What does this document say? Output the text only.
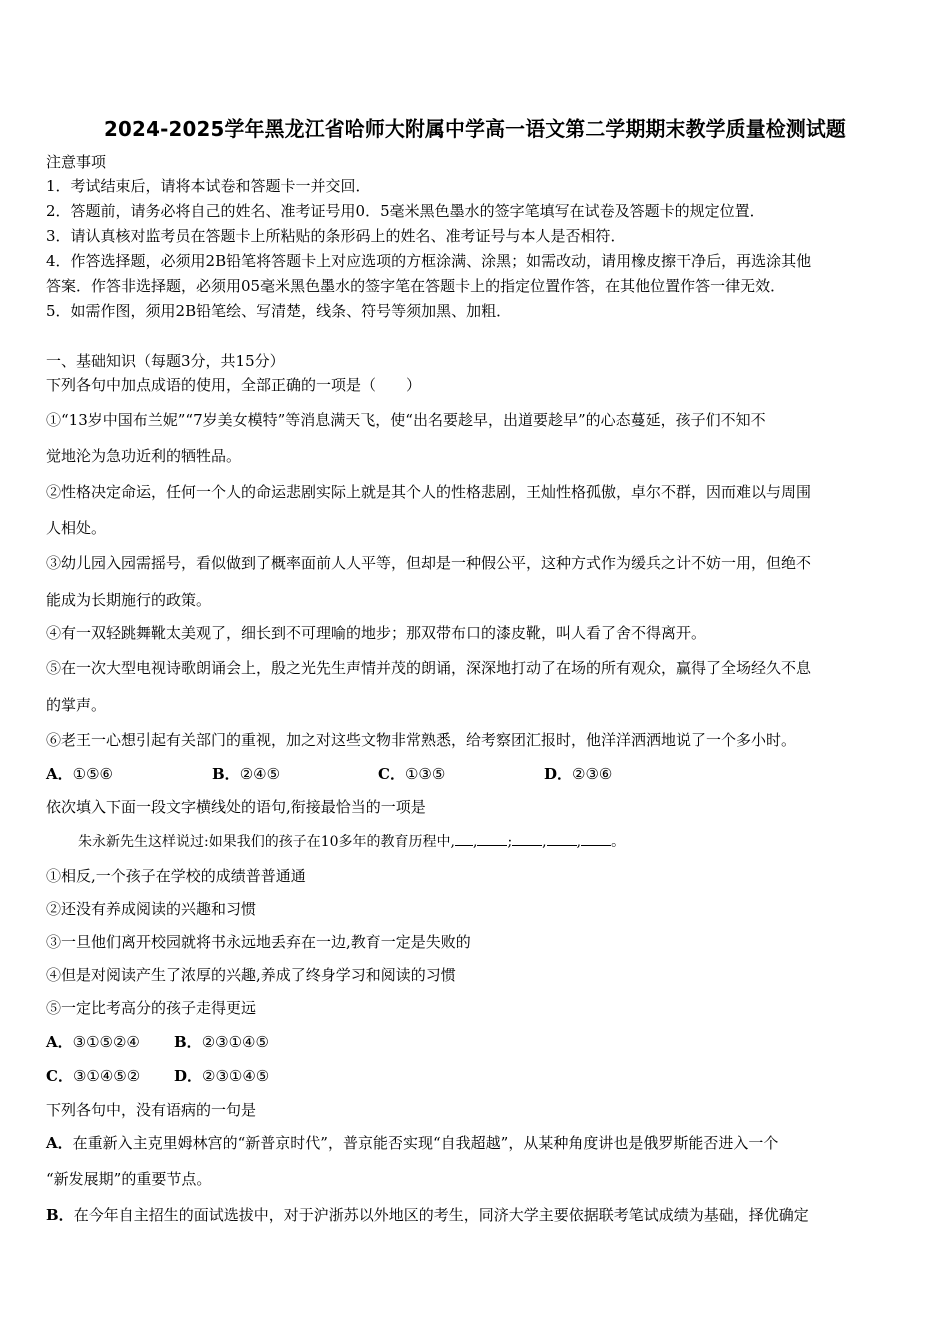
2024-2025学年黑龙江省哈师大附属中学高一语文第二学期期末教学质量检测试题
注意事项
1．考试结束后，请将本试卷和答题卡一并交回．
2．答题前，请务必将自己的姓名、准考证号用0．5毫米黑色墨水的签字笔填写在试卷及答题卡的规定位置．
3．请认真核对监考员在答题卡上所粘贴的条形码上的姓名、准考证号与本人是否相符．
4．作答选择题，必须用2B铅笔将答题卡上对应选项的方框涂满、涂黑；如需改动，请用橡皮擦干净后，再选涂其他
答案．作答非选择题，必须用05毫米黑色墨水的签字笔在答题卡上的指定位置作答，在其他位置作答一律无效．
5．如需作图，须用2B铅笔绘、写清楚，线条、符号等须加黑、加粗．
一、基础知识（每题3分，共15分）
下列各句中加点成语的使用，全部正确的一项是（　　）
①“13岁中国布兰妮”“7岁美女模特”等消息满天飞，使“出名要趁早，出道要趁早”的心态蔓延，孩子们不知不
觉地沦为急功近利的牺牲品。
②性格决定命运，任何一个人的命运悲剧实际上就是其个人的性格悲剧，王灿性格孤傲，卓尔不群，因而难以与周围
人相处。
③幼儿园入园需摇号，看似做到了概率面前人人平等，但却是一种假公平，这种方式作为缓兵之计不妨一用，但绝不
能成为长期施行的政策。
④有一双轻跳舞靴太美观了，细长到不可理喻的地步；那双带布口的漆皮靴，叫人看了舍不得离开。
⑤在一次大型电视诗歌朗诵会上，殷之光先生声情并茂的朗诵，深深地打动了在场的所有观众，赢得了全场经久不息
的掌声。
⑥老王一心想引起有关部门的重视，加之对这些文物非常熟悉，给考察团汇报时，他洋洋洒洒地说了一个多小时。
A．①⑤⑥	B．②④⑤	C．①③⑤	D．②③⑥
依次填入下面一段文字横线处的语句,衔接最恰当的一项是
朱永新先生这样说过:如果我们的孩子在10多年的教育历程中, , ; , , 。
①相反,一个孩子在学校的成绩普普通通
②还没有养成阅读的兴趣和习惯
③一旦他们离开校园就将书永远地丢弃在一边,教育一定是失败的
④但是对阅读产生了浓厚的兴趣,养成了终身学习和阅读的习惯
⑤一定比考高分的孩子走得更远
A．③①⑤②④ B．②③①④⑤
C．③①④⑤② D．②③①④⑤
下列各句中，没有语病的一句是
A．在重新入主克里姆林宫的“新普京时代”，普京能否实现“自我超越”，从某种角度讲也是俄罗斯能否进入一个
“新发展期”的重要节点。
B．在今年自主招生的面试选拔中，对于沪浙苏以外地区的考生，同济大学主要依据联考笔试成绩为基础，择优确定
